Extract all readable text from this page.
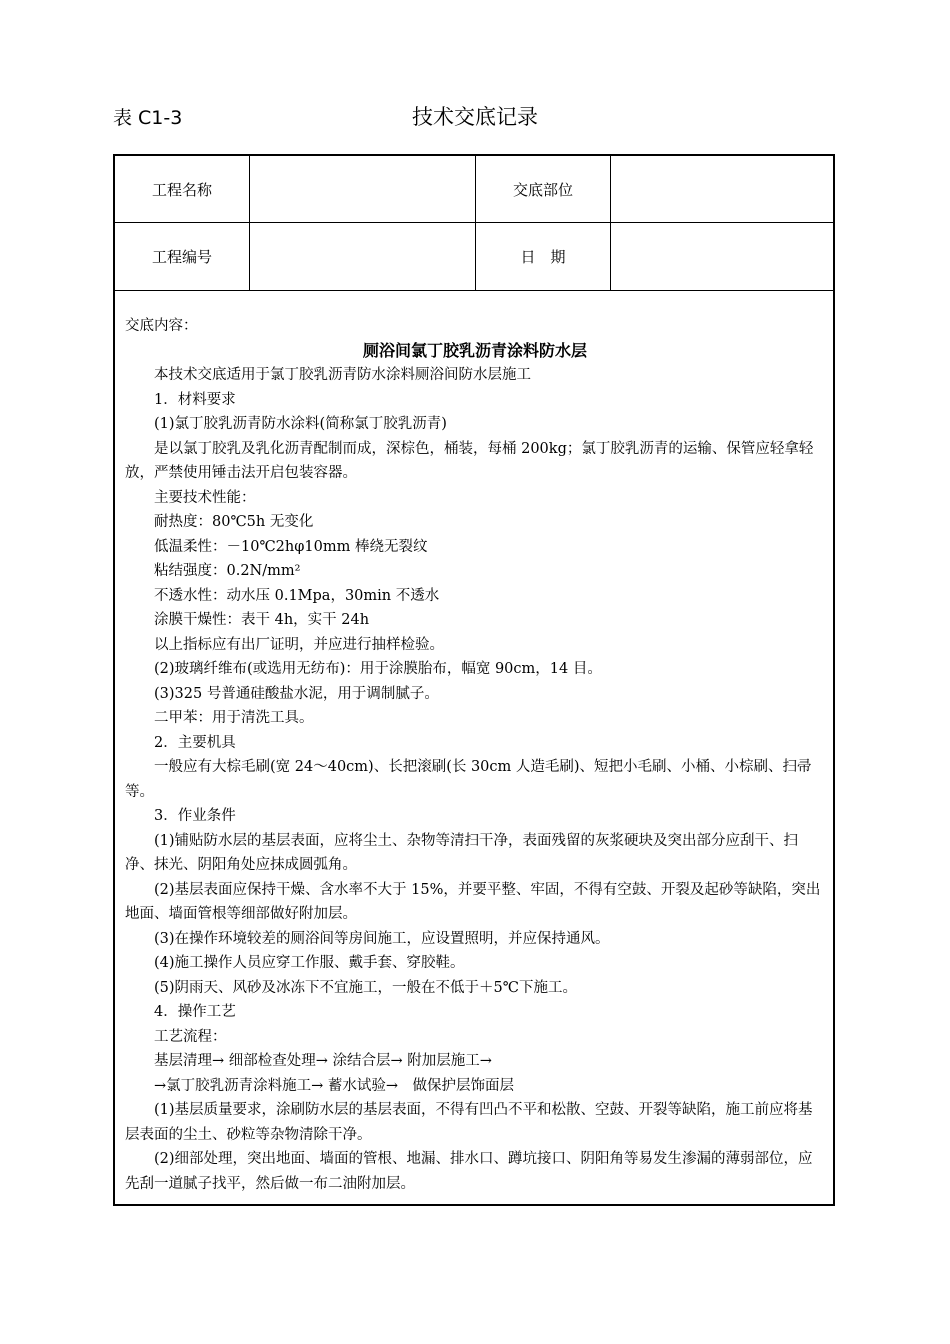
表 C1-3	技术交底记录
工程名称	交底部位
工程编号	日　期

交底内容：

厕浴间氯丁胶乳沥青涂料防水层

本技术交底适用于氯丁胶乳沥青防水涂料厕浴间防水层施工

1．材料要求

(1)氯丁胶乳沥青防水涂料(简称氯丁胶乳沥青)

是以氯丁胶乳及乳化沥青配制而成，深棕色，桶装，每桶 200kg；氯丁胶乳沥青的运输、保管应轻拿轻放，严禁使用锤击法开启包装容器。

主要技术性能：

耐热度：80℃5h 无变化

低温柔性：－10℃2hφ10mm 棒绕无裂纹

粘结强度：0.2N/mm²

不透水性：动水压 0.1Mpa，30min 不透水

涂膜干燥性：表干 4h，实干 24h

以上指标应有出厂证明，并应进行抽样检验。

(2)玻璃纤维布(或选用无纺布)：用于涂膜胎布，幅宽 90cm，14 目。

(3)325 号普通硅酸盐水泥，用于调制腻子。

二甲苯：用于清洗工具。

2．主要机具

一般应有大棕毛刷(宽 24～40cm)、长把滚刷(长 30cm 人造毛刷)、短把小毛刷、小桶、小棕刷、扫帚等。

3．作业条件

(1)铺贴防水层的基层表面，应将尘土、杂物等清扫干净，表面残留的灰浆硬块及突出部分应刮干、扫净、抹光、阴阳角处应抹成圆弧角。

(2)基层表面应保持干燥、含水率不大于 15%，并要平整、牢固，不得有空鼓、开裂及起砂等缺陷，突出地面、墙面管根等细部做好附加层。

(3)在操作环境较差的厕浴间等房间施工，应设置照明，并应保持通风。

(4)施工操作人员应穿工作服、戴手套、穿胶鞋。

(5)阴雨天、风砂及冰冻下不宜施工，一般在不低于＋5℃下施工。

4．操作工艺

工艺流程：

基层清理→ 细部检查处理→ 涂结合层→ 附加层施工→

→氯丁胶乳沥青涂料施工→ 蓄水试验→　做保护层饰面层

(1)基层质量要求，涂刷防水层的基层表面，不得有凹凸不平和松散、空鼓、开裂等缺陷，施工前应将基层表面的尘土、砂粒等杂物清除干净。

(2)细部处理，突出地面、墙面的管根、地漏、排水口、蹲坑接口、阴阳角等易发生渗漏的薄弱部位，应先刮一道腻子找平，然后做一布二油附加层。
